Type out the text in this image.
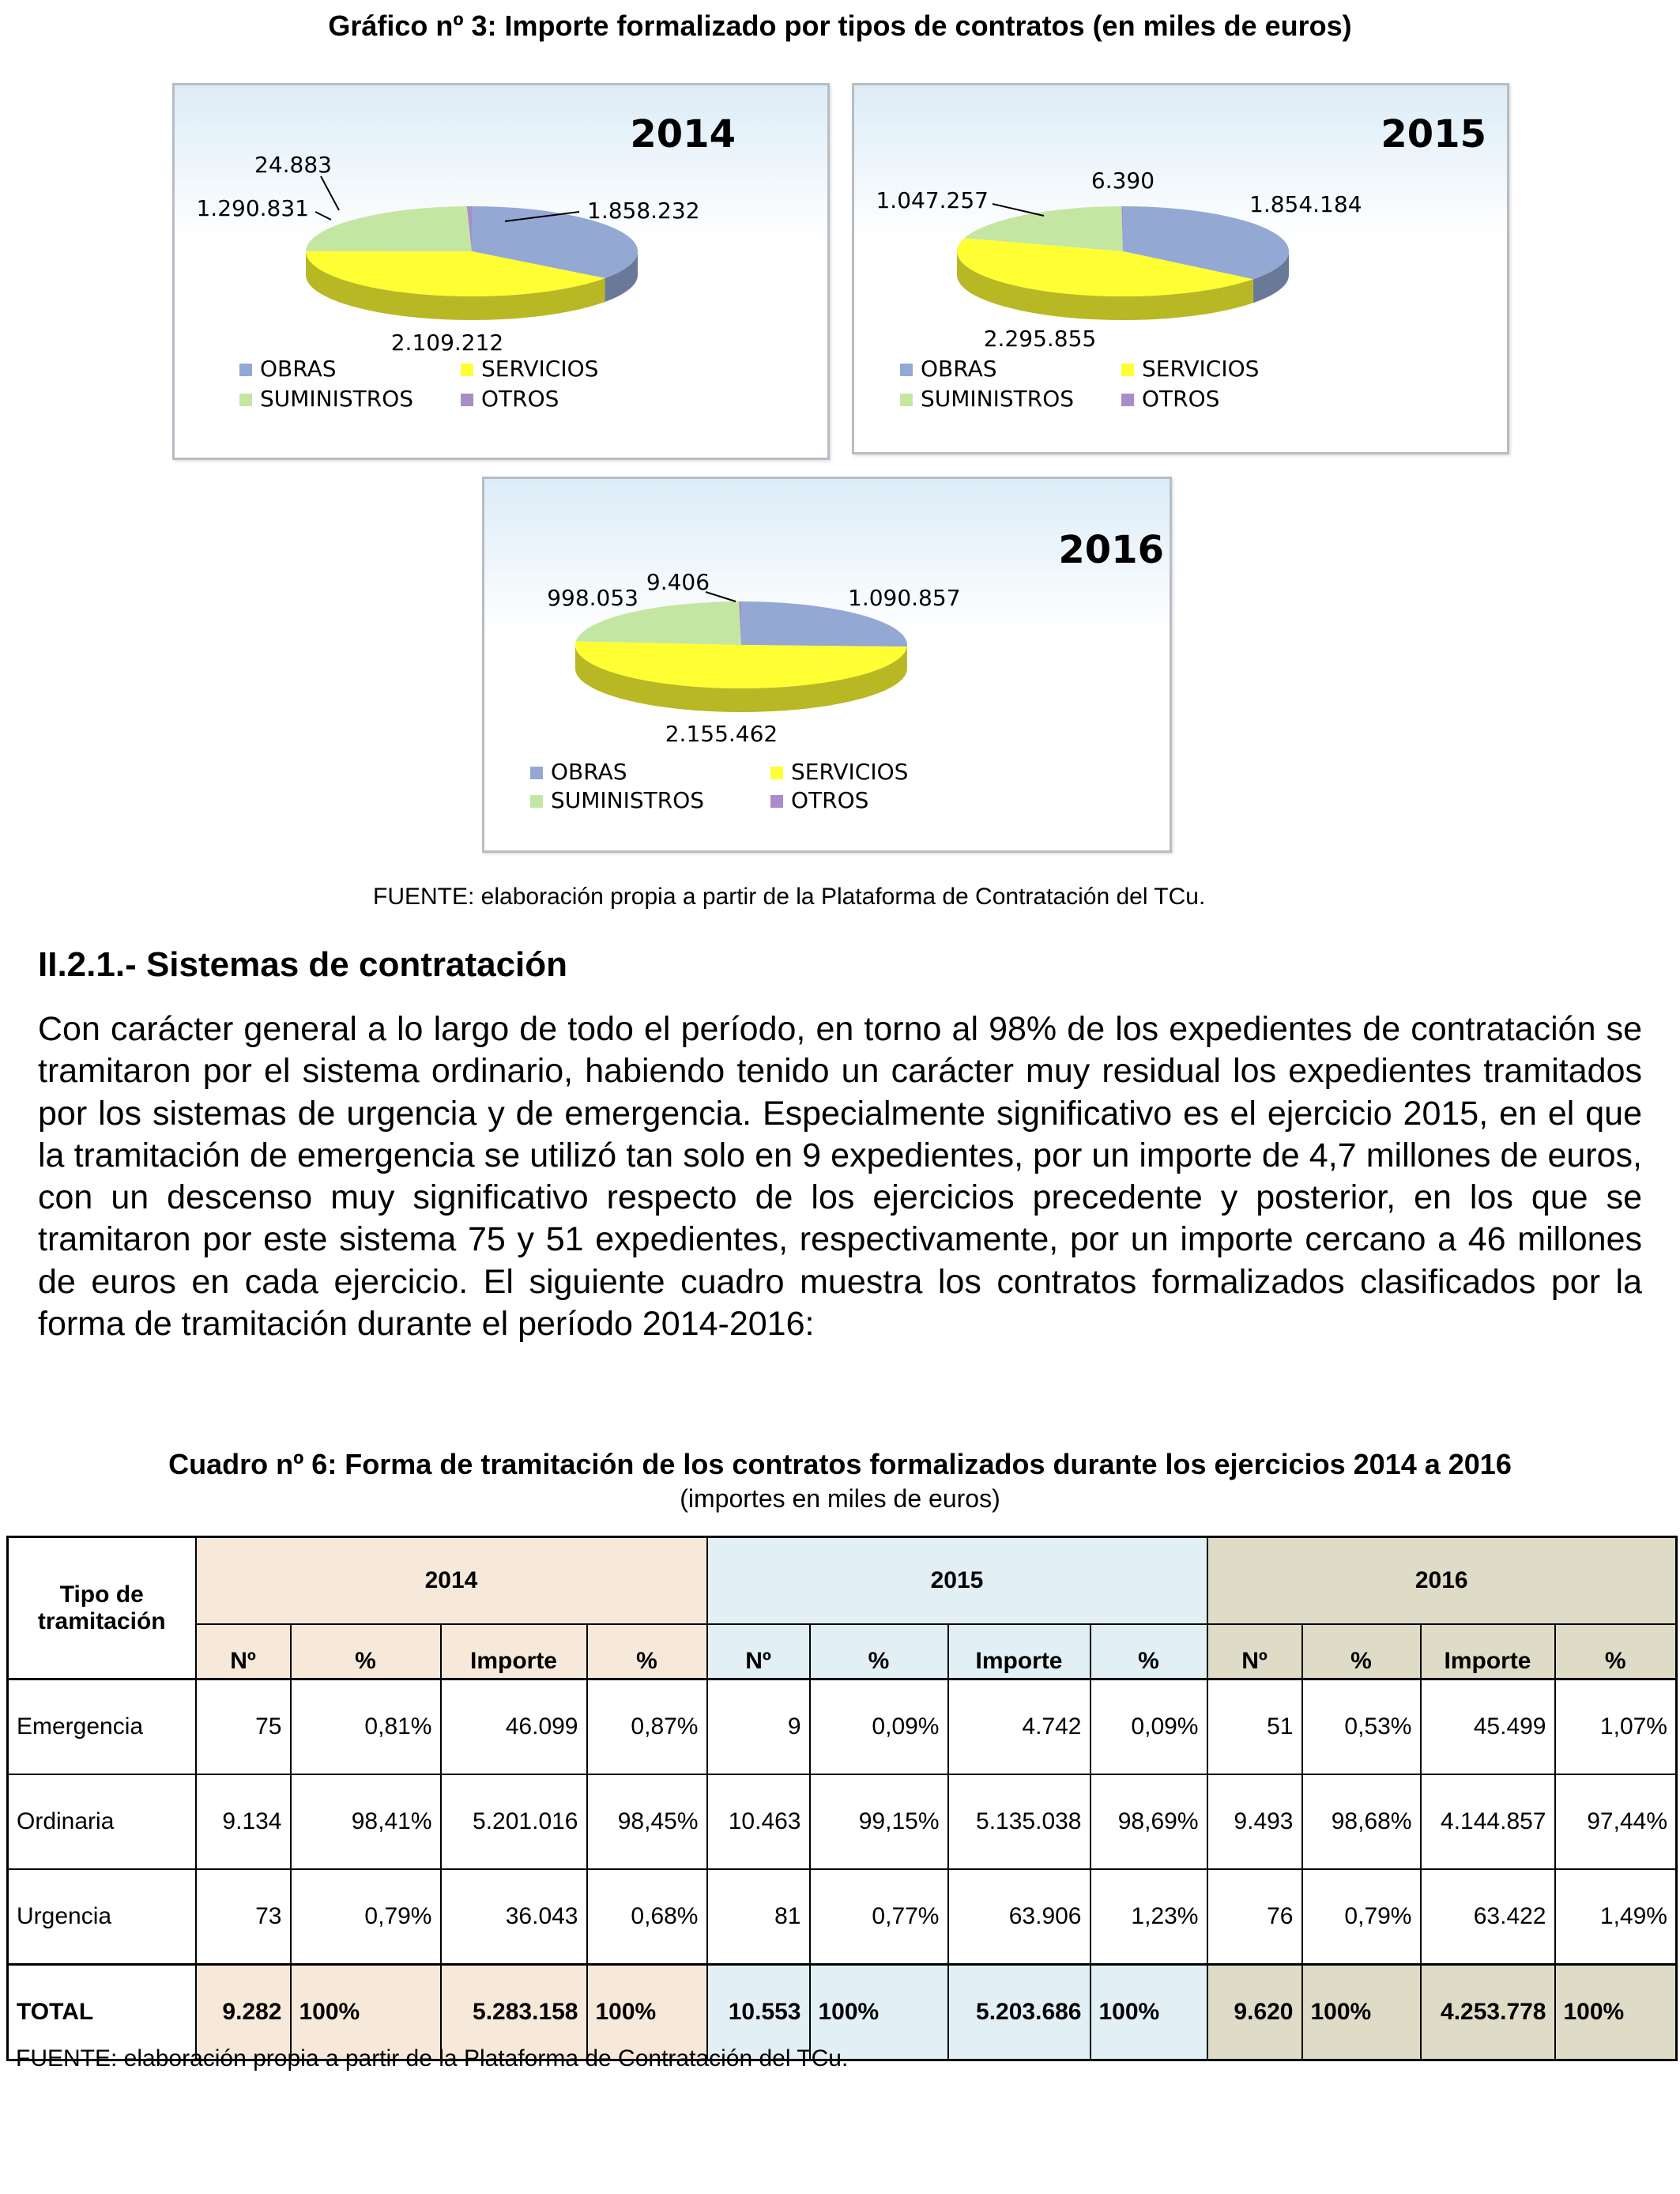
Gráfico nº 3: Importe formalizado por tipos de contratos (en miles de euros)
2014
1.858.232
2.109.212
1.290.831
24.883
OBRAS	SERVICIOS
SUMINISTROS	OTROS
2015
1.854.184
2.295.855
1.047.257
6.390
OBRAS	SERVICIOS
SUMINISTROS	OTROS
2016
1.090.857
2.155.462
998.053
9.406
OBRAS	SERVICIOS
SUMINISTROS	OTROS
FUENTE: elaboración propia a partir de la Plataforma de Contratación del TCu.
II.2.1.- Sistemas de contratación

Con carácter general a lo largo de todo el período, en torno al 98% de los expedientes de contratación se tramitaron por el sistema ordinario, habiendo tenido un carácter muy residual los expedientes tramitados por los sistemas de urgencia y de emergencia. Especialmente significativo es el ejercicio 2015, en el que la tramitación de emergencia se utilizó tan solo en 9 expedientes, por un importe de 4,7 millones de euros, con un descenso muy significativo respecto de los ejercicios precedente y posterior, en los que se tramitaron por este sistema 75 y 51 expedientes, respectivamente, por un importe cercano a 46 millones de euros en cada ejercicio. El siguiente cuadro muestra los contratos formalizados clasificados por la forma de tramitación durante el período 2014-2016:

Cuadro nº 6: Forma de tramitación de los contratos formalizados durante los ejercicios 2014 a 2016
(importes en miles de euros)
Tipo de tramitación	2014				2015				2016			
	Nº	%	Importe	%	Nº	%	Importe	%	Nº	%	Importe	%
Emergencia	75	0,81%	46.099	0,87%	9	0,09%	4.742	0,09%	51	0,53%	45.499	1,07%
Ordinaria	9.134	98,41%	5.201.016	98,45%	10.463	99,15%	5.135.038	98,69%	9.493	98,68%	4.144.857	97,44%
Urgencia	73	0,79%	36.043	0,68%	81	0,77%	63.906	1,23%	76	0,79%	63.422	1,49%
TOTAL	9.282	100%	5.283.158	100%	10.553	100%	5.203.686	100%	9.620	100%	4.253.778	100%
FUENTE: elaboración propia a partir de la Plataforma de Contratación del TCu.
